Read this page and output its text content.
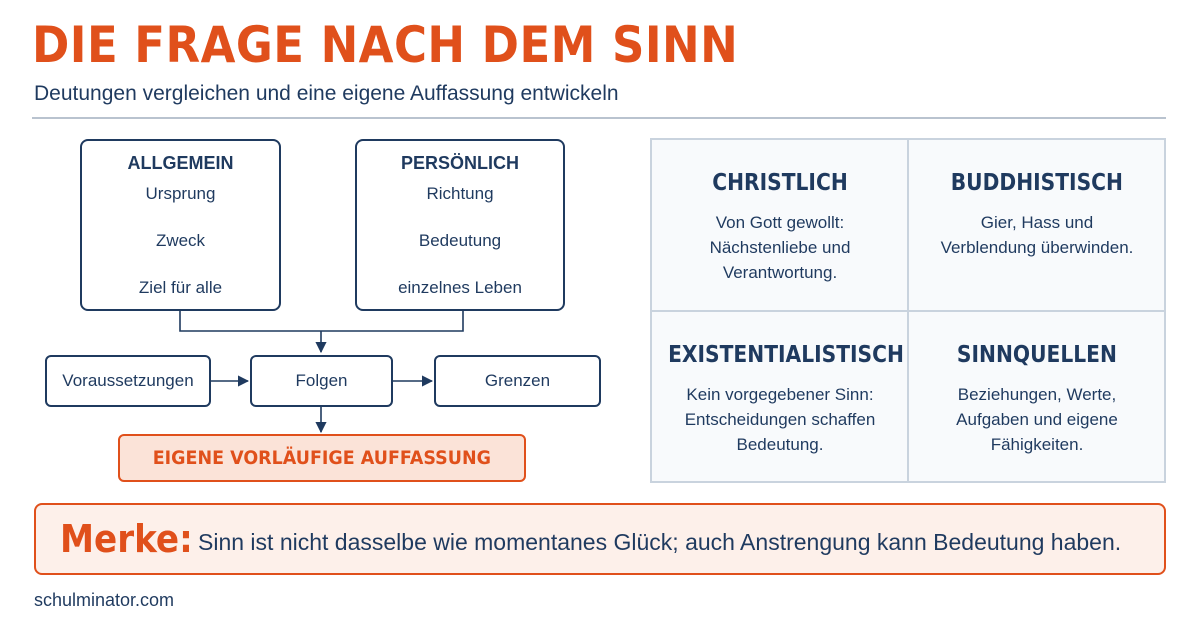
DIE FRAGE NACH DEM SINN
Deutungen vergleichen und eine eigene Auffassung entwickeln
ALLGEMEIN
Ursprung
Zweck
Ziel für alle
PERSÖNLICH
Richtung
Bedeutung
einzelnes Leben
Voraussetzungen	Folgen	Grenzen
EIGENE VORLÄUFIGE AUFFASSUNG
CHRISTLICH
Von Gott gewollt:
Nächstenliebe und
Verantwortung.
BUDDHISTISCH
Gier, Hass und
Verblendung überwinden.
EXISTENTIALISTISCH
Kein vorgegebener Sinn:
Entscheidungen schaffen
Bedeutung.
SINNQUELLEN
Beziehungen, Werte,
Aufgaben und eigene
Fähigkeiten.
Merke: Sinn ist nicht dasselbe wie momentanes Glück; auch Anstrengung kann Bedeutung haben.
schulminator.com
